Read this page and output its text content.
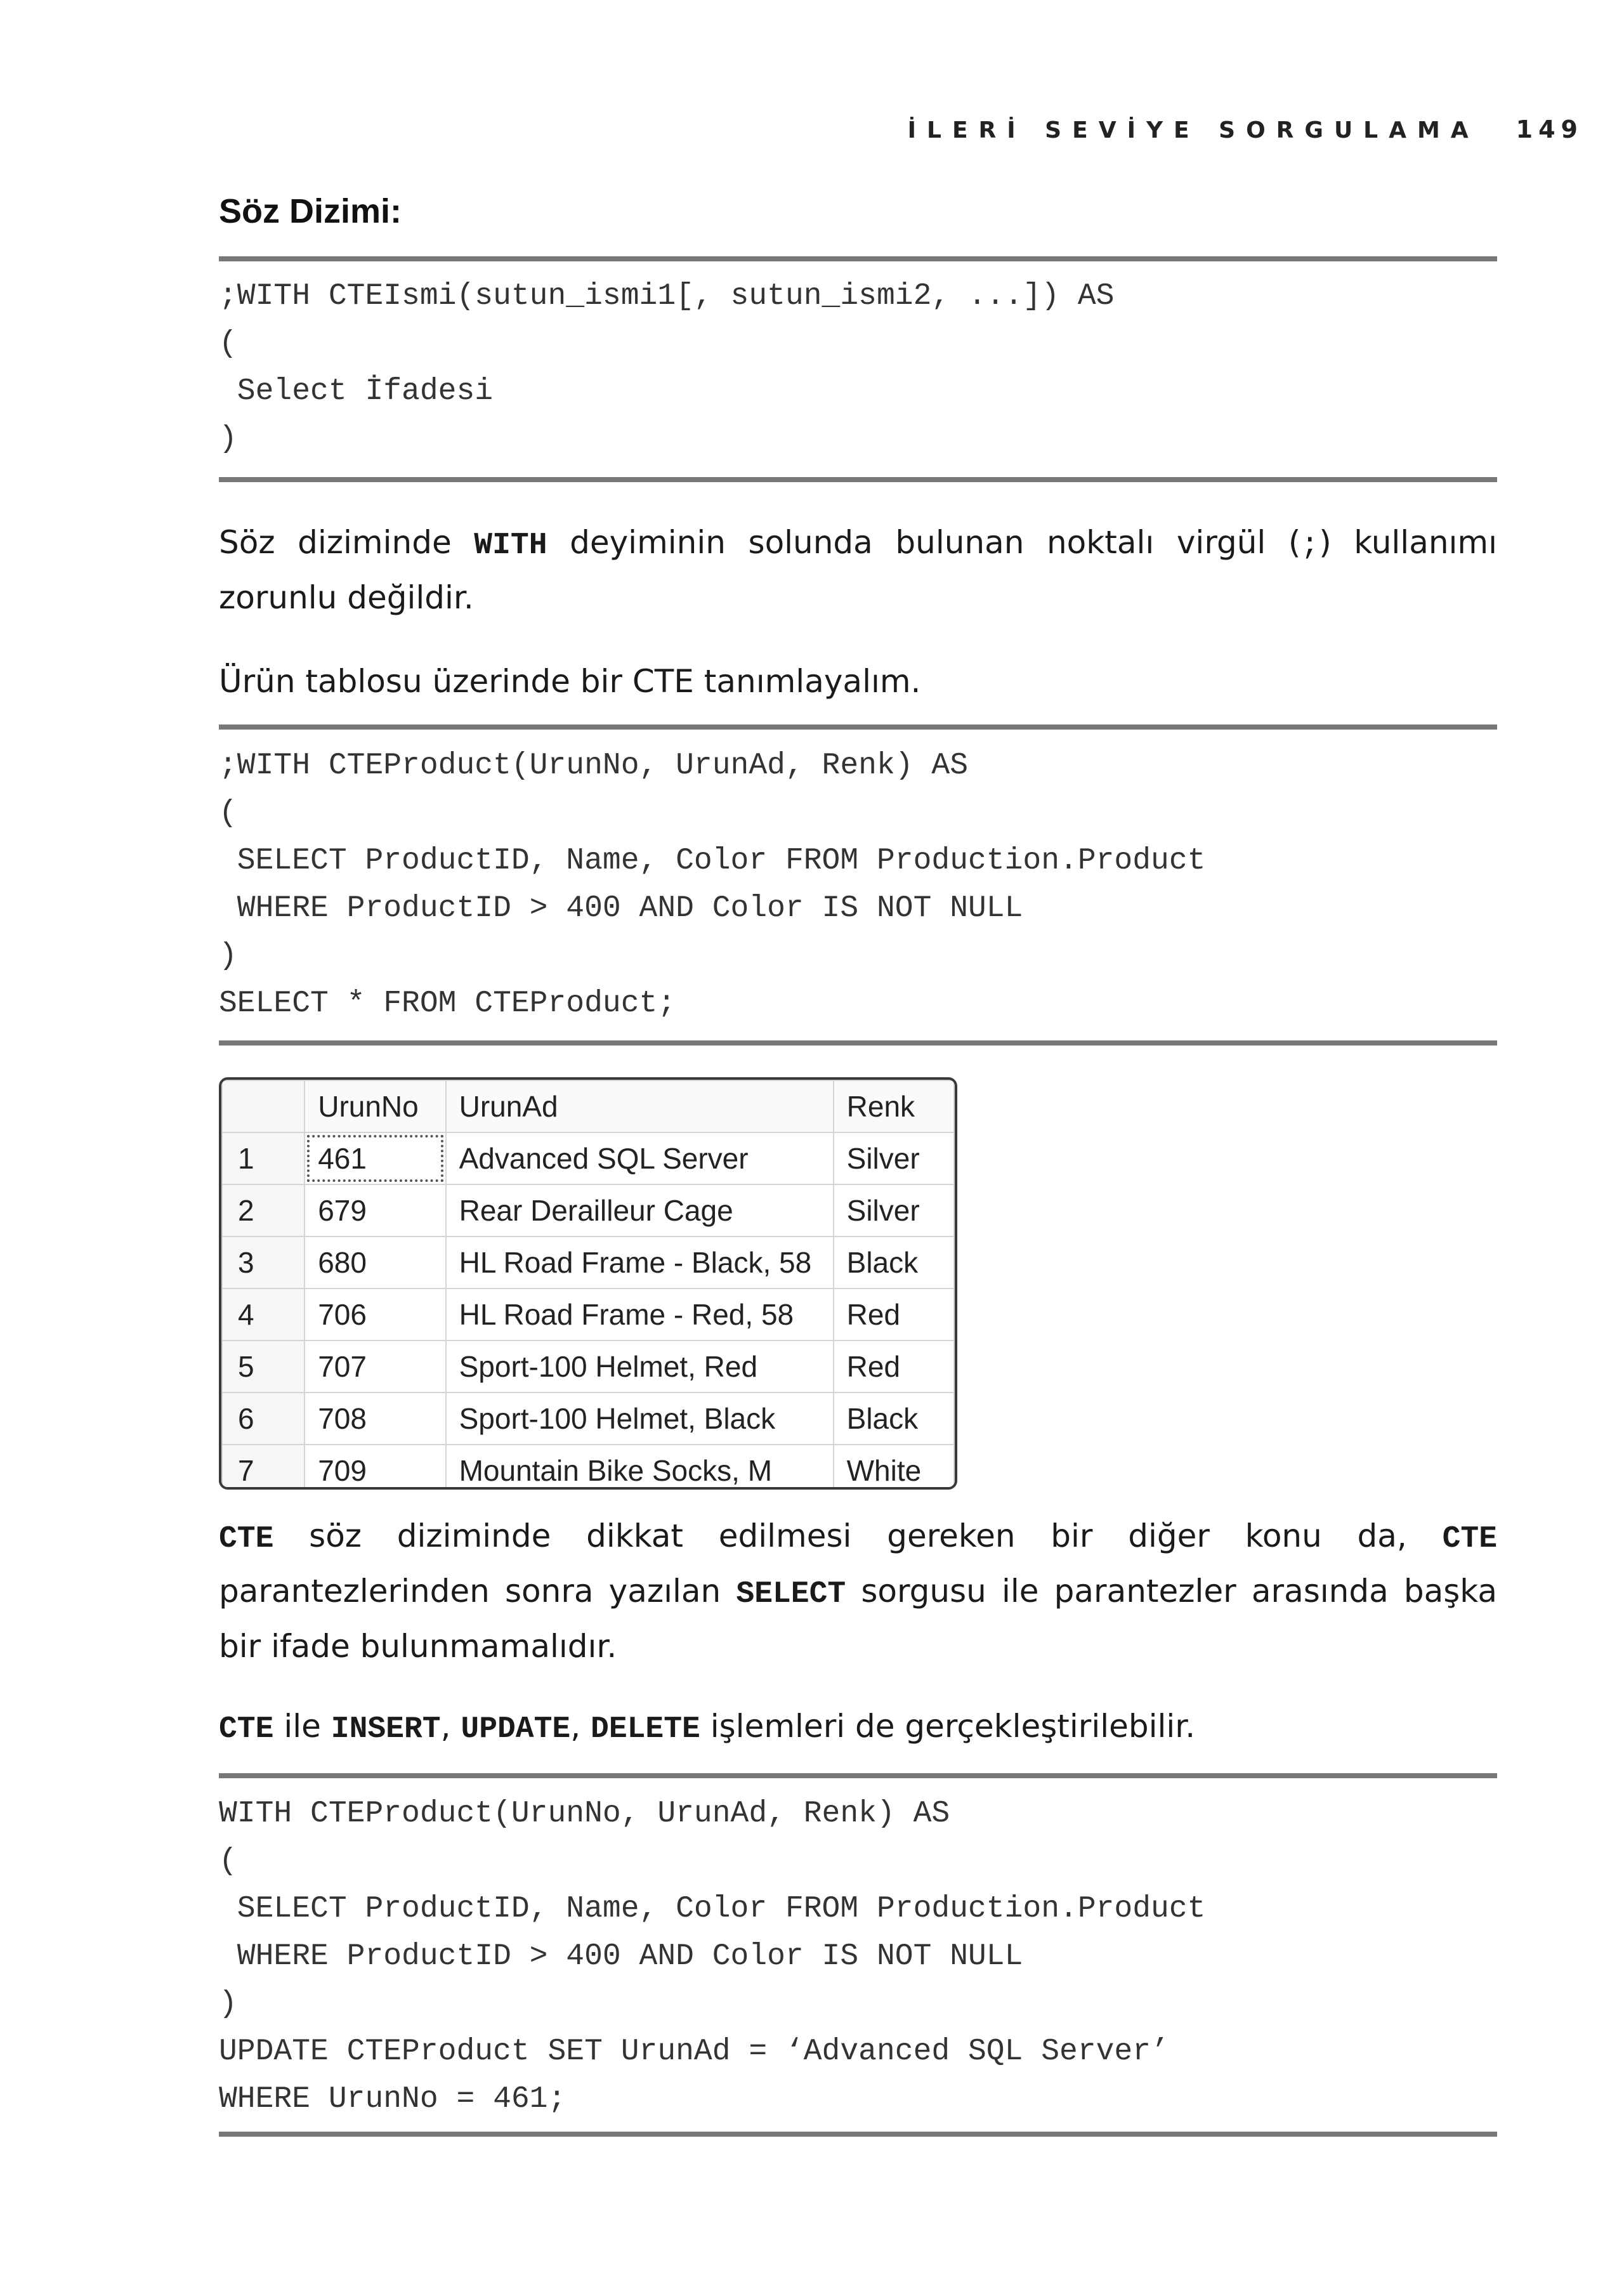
İLERİ SEVİYE SORGULAMA 149
Söz Dizimi:
;WITH CTEIsmi(sutun_ismi1[, sutun_ismi2, ...]) AS
(
Select İfadesi
)

Söz diziminde WITH deyiminin solunda bulunan noktalı virgül (;) kullanımı zorunlu değildir.

Ürün tablosu üzerinde bir CTE tanımlayalım.

;WITH CTEProduct(UrunNo, UrunAd, Renk) AS
(
SELECT ProductID, Name, Color FROM Production.Product
WHERE ProductID > 400 AND Color IS NOT NULL
)
SELECT * FROM CTEProduct;
	UrunNo	UrunAd	Renk
1	461	Advanced SQL Server	Silver
2	679	Rear Derailleur Cage	Silver
3	680	HL Road Frame - Black, 58	Black
4	706	HL Road Frame - Red, 58	Red
5	707	Sport-100 Helmet, Red	Red
6	708	Sport-100 Helmet, Black	Black
7	709	Mountain Bike Socks, M	White

CTE söz diziminde dikkat edilmesi gereken bir diğer konu da, CTE parantezlerinden sonra yazılan SELECT sorgusu ile parantezler arasında başka bir ifade bulunmamalıdır.

CTE ile INSERT, UPDATE, DELETE işlemleri de gerçekleştirilebilir.

WITH CTEProduct(UrunNo, UrunAd, Renk) AS
(
SELECT ProductID, Name, Color FROM Production.Product
WHERE ProductID > 400 AND Color IS NOT NULL
)
UPDATE CTEProduct SET UrunAd = ‘Advanced SQL Server’
WHERE UrunNo = 461;
